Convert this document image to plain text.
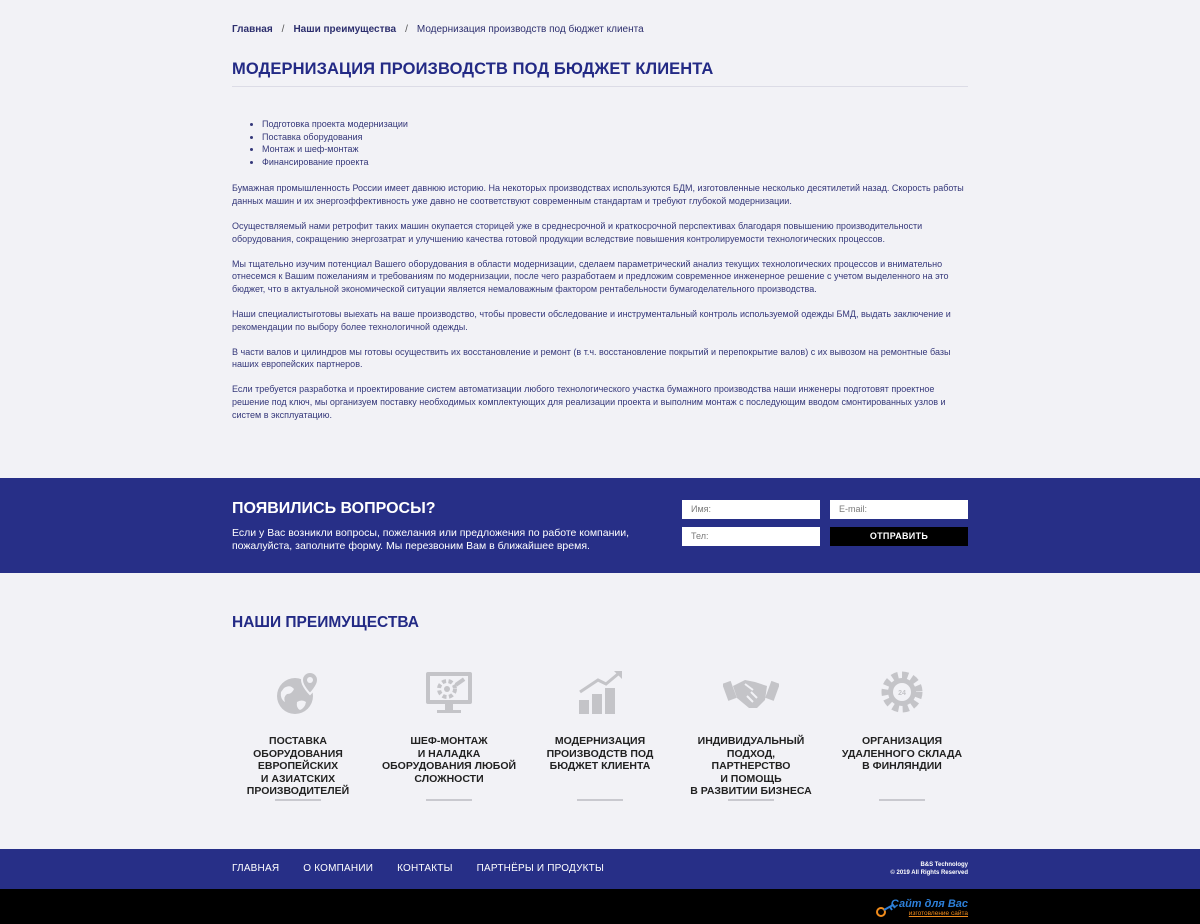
Главная / Наши преимущества / Модернизация производств под бюджет клиента
МОДЕРНИЗАЦИЯ ПРОИЗВОДСТВ ПОД БЮДЖЕТ КЛИЕНТА
• Подготовка проекта модернизации
• Поставка оборудования
• Монтаж и шеф-монтаж
• Финансирование проекта

Бумажная промышленность России имеет давнюю историю. На некоторых производствах используются БДМ, изготовленные несколько десятилетий назад. Скорость работы данных машин и их энергоэффективность уже давно не соответствуют современным стандартам и требуют глубокой модернизации.

Осуществляемый нами ретрофит таких машин окупается сторицей уже в среднесрочной и краткосрочной перспективах благодаря повышению производительности оборудования, сокращению энергозатрат и улучшению качества готовой продукции вследствие повышения контролируемости технологических процессов.

Мы тщательно изучим потенциал Вашего оборудования в области модернизации, сделаем параметрический анализ текущих технологических процессов и внимательно отнесемся к Вашим пожеланиям и требованиям по модернизации, после чего разработаем и предложим современное инженерное решение с учетом выделенного на это бюджет, что в актуальной экономической ситуации является немаловажным фактором рентабельности бумагоделательного производства.

Наши специалистыготовы выехать на ваше производство, чтобы провести обследование и инструментальный контроль используемой одежды БМД, выдать заключение и рекомендации по выбору более технологичной одежды.

В части валов и цилиндров мы готовы осуществить их восстановление и ремонт (в т.ч. восстановление покрытий и перепокрытие валов) с их вывозом на ремонтные базы наших европейских партнеров.

Если требуется разработка и проектирование систем автоматизации любого технологического участка бумажного производства наши инженеры подготовят проектное решение под ключ, мы организуем поставку необходимых комплектующих для реализации проекта и выполним монтаж с последующим вводом смонтированных узлов и систем в эксплуатацию.

ПОЯВИЛИСЬ ВОПРОСЫ?

Если у Вас возникли вопросы, пожелания или предложения по работе компании, пожалуйста, заполните форму. Мы перезвоним Вам в ближайшее время.

Имя:
E-mail:
Тел:
ОТПРАВИТЬ
НАШИ ПРЕИМУЩЕСТВА
ПОСТАВКА ОБОРУДОВАНИЯ
ЕВРОПЕЙСКИХ
И АЗИАТСКИХ
ПРОИЗВОДИТЕЛЕЙ
ШЕФ-МОНТАЖ
И НАЛАДКА
ОБОРУДОВАНИЯ ЛЮБОЙ
СЛОЖНОСТИ
МОДЕРНИЗАЦИЯ
ПРОИЗВОДСТВ ПОД
БЮДЖЕТ КЛИЕНТА
ИНДИВИДУАЛЬНЫЙ
ПОДХОД,
ПАРТНЕРСТВО
И ПОМОЩЬ
В РАЗВИТИИ БИЗНЕСА
24
ОРГАНИЗАЦИЯ
УДАЛЕННОГО СКЛАДА
В ФИНЛЯНДИИ
ГЛАВНАЯ О КОМПАНИИ КОНТАКТЫ ПАРТНЁРЫ И ПРОДУКТЫ	B&S Technology
© 2019 All Rights Reserved
Сайт для Вас
изготовление сайта
